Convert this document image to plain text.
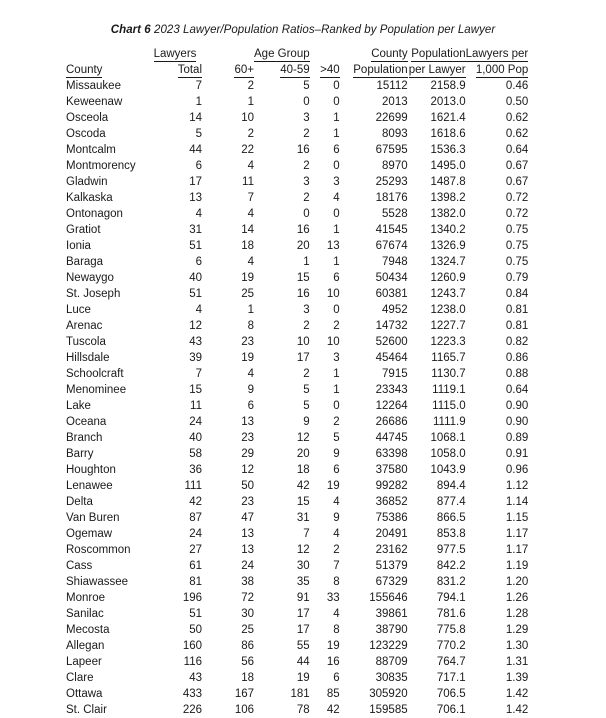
Chart 6 2023 Lawyer/Population Ratios–Ranked by Population per Lawyer
	Lawyers		Age Group		County	Population	Lawyers per
County	Total	60+	40-59	>40	Population	per Lawyer	1,000 Pop
Missaukee	7	2	5	0	15112	2158.9	0.46
Keweenaw	1	1	0	0	2013	2013.0	0.50
Osceola	14	10	3	1	22699	1621.4	0.62
Oscoda	5	2	2	1	8093	1618.6	0.62
Montcalm	44	22	16	6	67595	1536.3	0.64
Montmorency	6	4	2	0	8970	1495.0	0.67
Gladwin	17	11	3	3	25293	1487.8	0.67
Kalkaska	13	7	2	4	18176	1398.2	0.72
Ontonagon	4	4	0	0	5528	1382.0	0.72
Gratiot	31	14	16	1	41545	1340.2	0.75
Ionia	51	18	20	13	67674	1326.9	0.75
Baraga	6	4	1	1	7948	1324.7	0.75
Newaygo	40	19	15	6	50434	1260.9	0.79
St. Joseph	51	25	16	10	60381	1243.7	0.84
Luce	4	1	3	0	4952	1238.0	0.81
Arenac	12	8	2	2	14732	1227.7	0.81
Tuscola	43	23	10	10	52600	1223.3	0.82
Hillsdale	39	19	17	3	45464	1165.7	0.86
Schoolcraft	7	4	2	1	7915	1130.7	0.88
Menominee	15	9	5	1	23343	1119.1	0.64
Lake	11	6	5	0	12264	1115.0	0.90
Oceana	24	13	9	2	26686	1111.9	0.90
Branch	40	23	12	5	44745	1068.1	0.89
Barry	58	29	20	9	63398	1058.0	0.91
Houghton	36	12	18	6	37580	1043.9	0.96
Lenawee	111	50	42	19	99282	894.4	1.12
Delta	42	23	15	4	36852	877.4	1.14
Van Buren	87	47	31	9	75386	866.5	1.15
Ogemaw	24	13	7	4	20491	853.8	1.17
Roscommon	27	13	12	2	23162	977.5	1.17
Cass	61	24	30	7	51379	842.2	1.19
Shiawassee	81	38	35	8	67329	831.2	1.20
Monroe	196	72	91	33	155646	794.1	1.26
Sanilac	51	30	17	4	39861	781.6	1.28
Mecosta	50	25	17	8	38790	775.8	1.29
Allegan	160	86	55	19	123229	770.2	1.30
Lapeer	116	56	44	16	88709	764.7	1.31
Clare	43	18	19	6	30835	717.1	1.39
Ottawa	433	167	181	85	305920	706.5	1.42
St. Clair	226	106	78	42	159585	706.1	1.42
